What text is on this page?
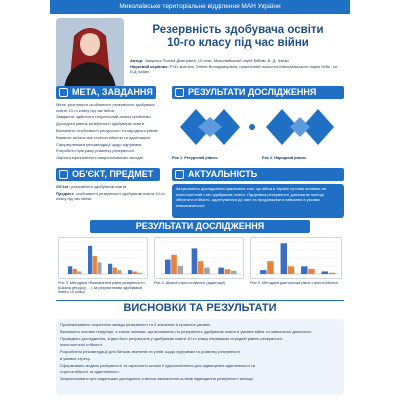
Миколаївське територіальне відділення МАН України
Резервність здобувача освіти
10-го класу під час війни

Автор: Заяуська Поліна Дмитрівна, 10 клас, Миколаївський ліцей №Вим. В. Д. Чайки

Науковий керівник: PhD, вчитель Олена Володимирівна, практичний психолог Миколаївського ліцею №№ . ім. В.Д.Чайки

МЕТА, ЗАВДАННЯ

Мета: розглянути особливості резервності здобувача освіти 10-го класу під час війни.

Завдання: здійснити теоретичний аналіз проблеми.

Дослідити рівень резервності здобувачів освіти.

Визначити особливості ресурсного та народного рівнів.

Виявити зв'язок між стресостійкістю та адаптацією.

Сформулювати рекомендації щодо підтримки.

Розробити програму розвитку резервності.

Оцінити ефективність запропонованих заходів.

РЕЗУЛЬТАТИ ДОСЛІДЖЕННЯ
Рис 1. Ресурсний рівень	Рис 2. Народний рівень
ОБ'ЄКТ, ПРЕДМЕТ

Об'єкт: резервність здобувачів освіти.

Предмет: особливості резервності здобувачів освіти 10-го класу під час війни.

АКТУАЛЬНІСТЬ
Актуальність дослідження зумовлена тим, що війна в Україні суттєво впливає на психологічний стан здобувачів освіти. Підтримка резервності допомагає молоді зберігати стійкість, адаптуватися до змін та продовжувати навчання в умовах невизначеності.
РЕЗУЛЬТАТИ ДОСЛІДЖЕННЯ
Рис 3. Методика «Визначення рівня резервності» (Шкала ресурсу ... ) за результатами здобувачів освіти 10 класу
Рис 4. Шкала стресостійкості (адаптації)	Рис 5. Методика діагностики рівня стресостійкості
ВИСНОВКИ ТА РЕЗУЛЬТАТИ

Проаналізовано теоретичні засади резервності та її значення в сучасних умовах.

Визначено основні тенденції, а також чинники, що впливають на резервність здобувачів освіти в умовах війни та навчальної діяльності.

Проведено дослідження, згідно його результатів у здобувачів освіти 10-го класу переважає середній рівень резервності

психологічної стійкості.

Розроблено рекомендації для батьків, вчителів та учнів, щодо підтримки та розвитку резервності

в умовах стресу.

Сформовано модель резервності та окреслено шляхи її вдосконалення для підвищення адаптивності та

стресостійкості та адаптивності.

Запропоновано цілі подальших досліджень з метою визначення шляхів підвищення резервності молоді.
